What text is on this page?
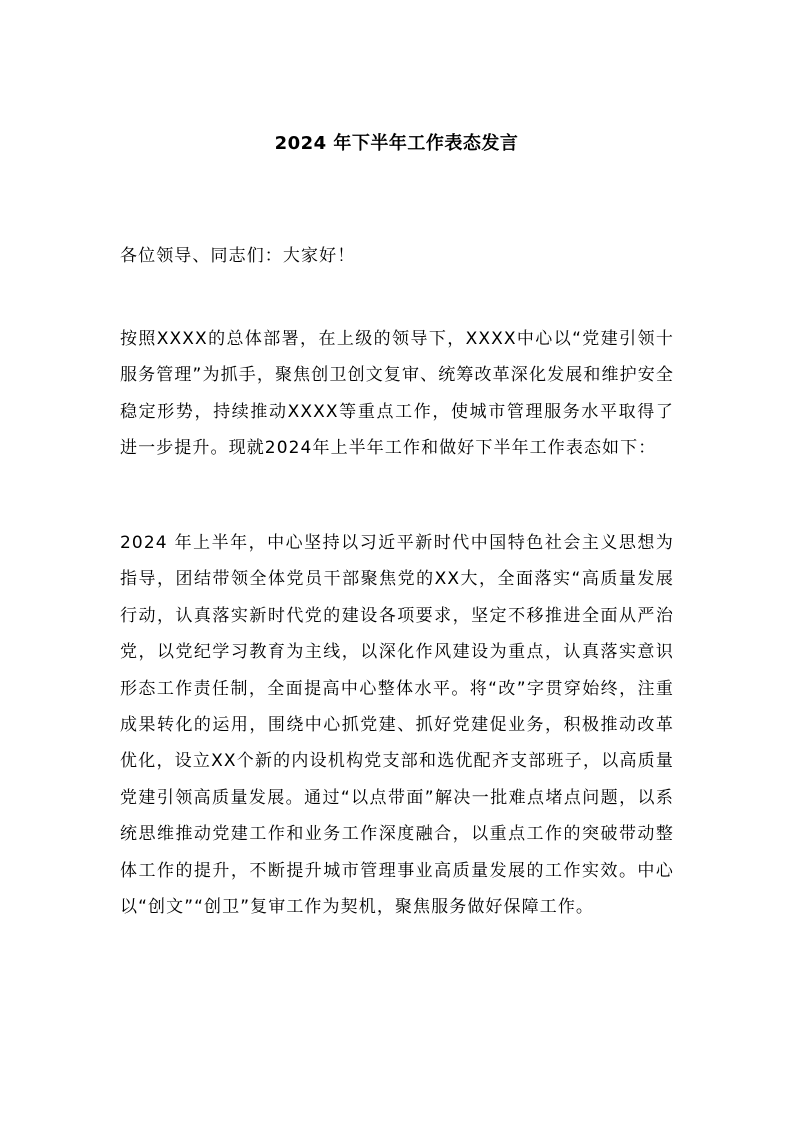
2024 年下半年工作表态发言
各位领导、同志们：大家好！
按照XXXX的总体部署，在上级的领导下，XXXX中心以“党建引领十服务管理”为抓手，聚焦创卫创文复审、统筹改革深化发展和维护安全稳定形势，持续推动XXXX等重点工作，使城市管理服务水平取得了进一步提升。现就2024年上半年工作和做好下半年工作表态如下：
2024 年上半年，中心坚持以习近平新时代中国特色社会主义思想为指导，团结带领全体党员干部聚焦党的XX大，全面落实“高质量发展行动，认真落实新时代党的建设各项要求，坚定不移推进全面从严治党，以党纪学习教育为主线，以深化作风建设为重点，认真落实意识形态工作责任制，全面提高中心整体水平。将“改”字贯穿始终，注重成果转化的运用，围绕中心抓党建、抓好党建促业务，积极推动改革优化，设立XX个新的内设机构党支部和选优配齐支部班子，以高质量党建引领高质量发展。通过“以点带面”解决一批难点堵点问题，以系统思维推动党建工作和业务工作深度融合，以重点工作的突破带动整体工作的提升，不断提升城市管理事业高质量发展的工作实效。中心以“创文”“创卫”复审工作为契机，聚焦服务做好保障工作。
